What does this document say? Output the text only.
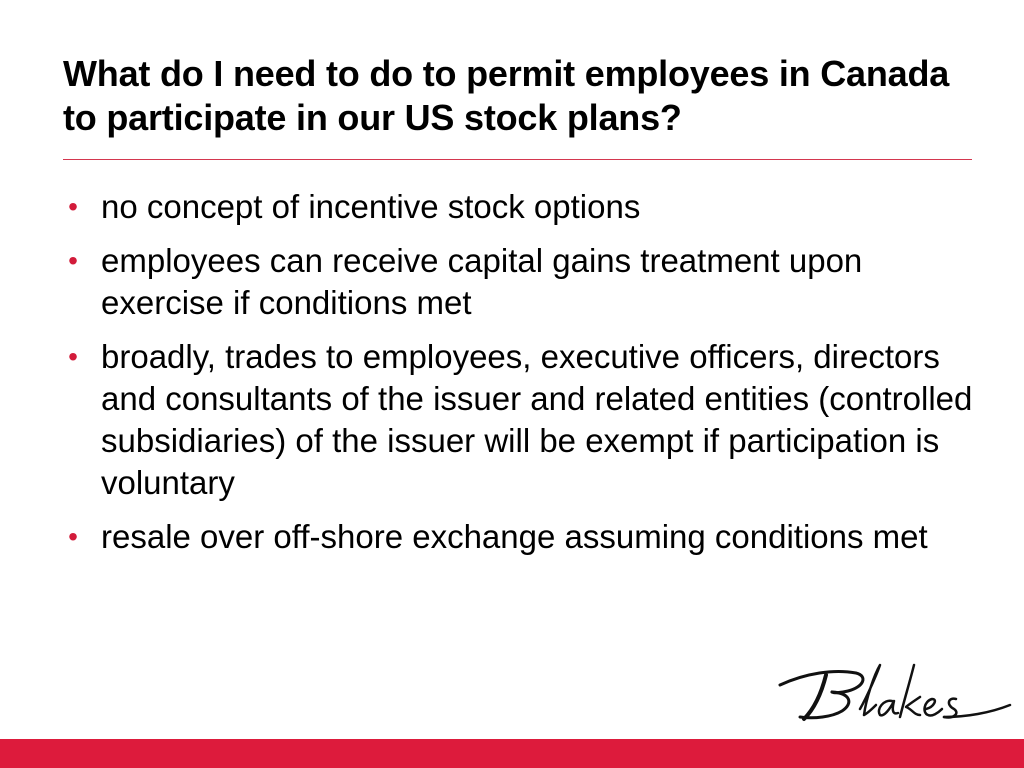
What do I need to do to permit employees in Canada to participate in our US stock plans?
• no concept of incentive stock options
• employees can receive capital gains treatment upon exercise if conditions met
• broadly, trades to employees, executive officers, directors and consultants of the issuer and related entities (controlled subsidiaries) of the issuer will be exempt if participation is voluntary
• resale over off-shore exchange assuming conditions met
